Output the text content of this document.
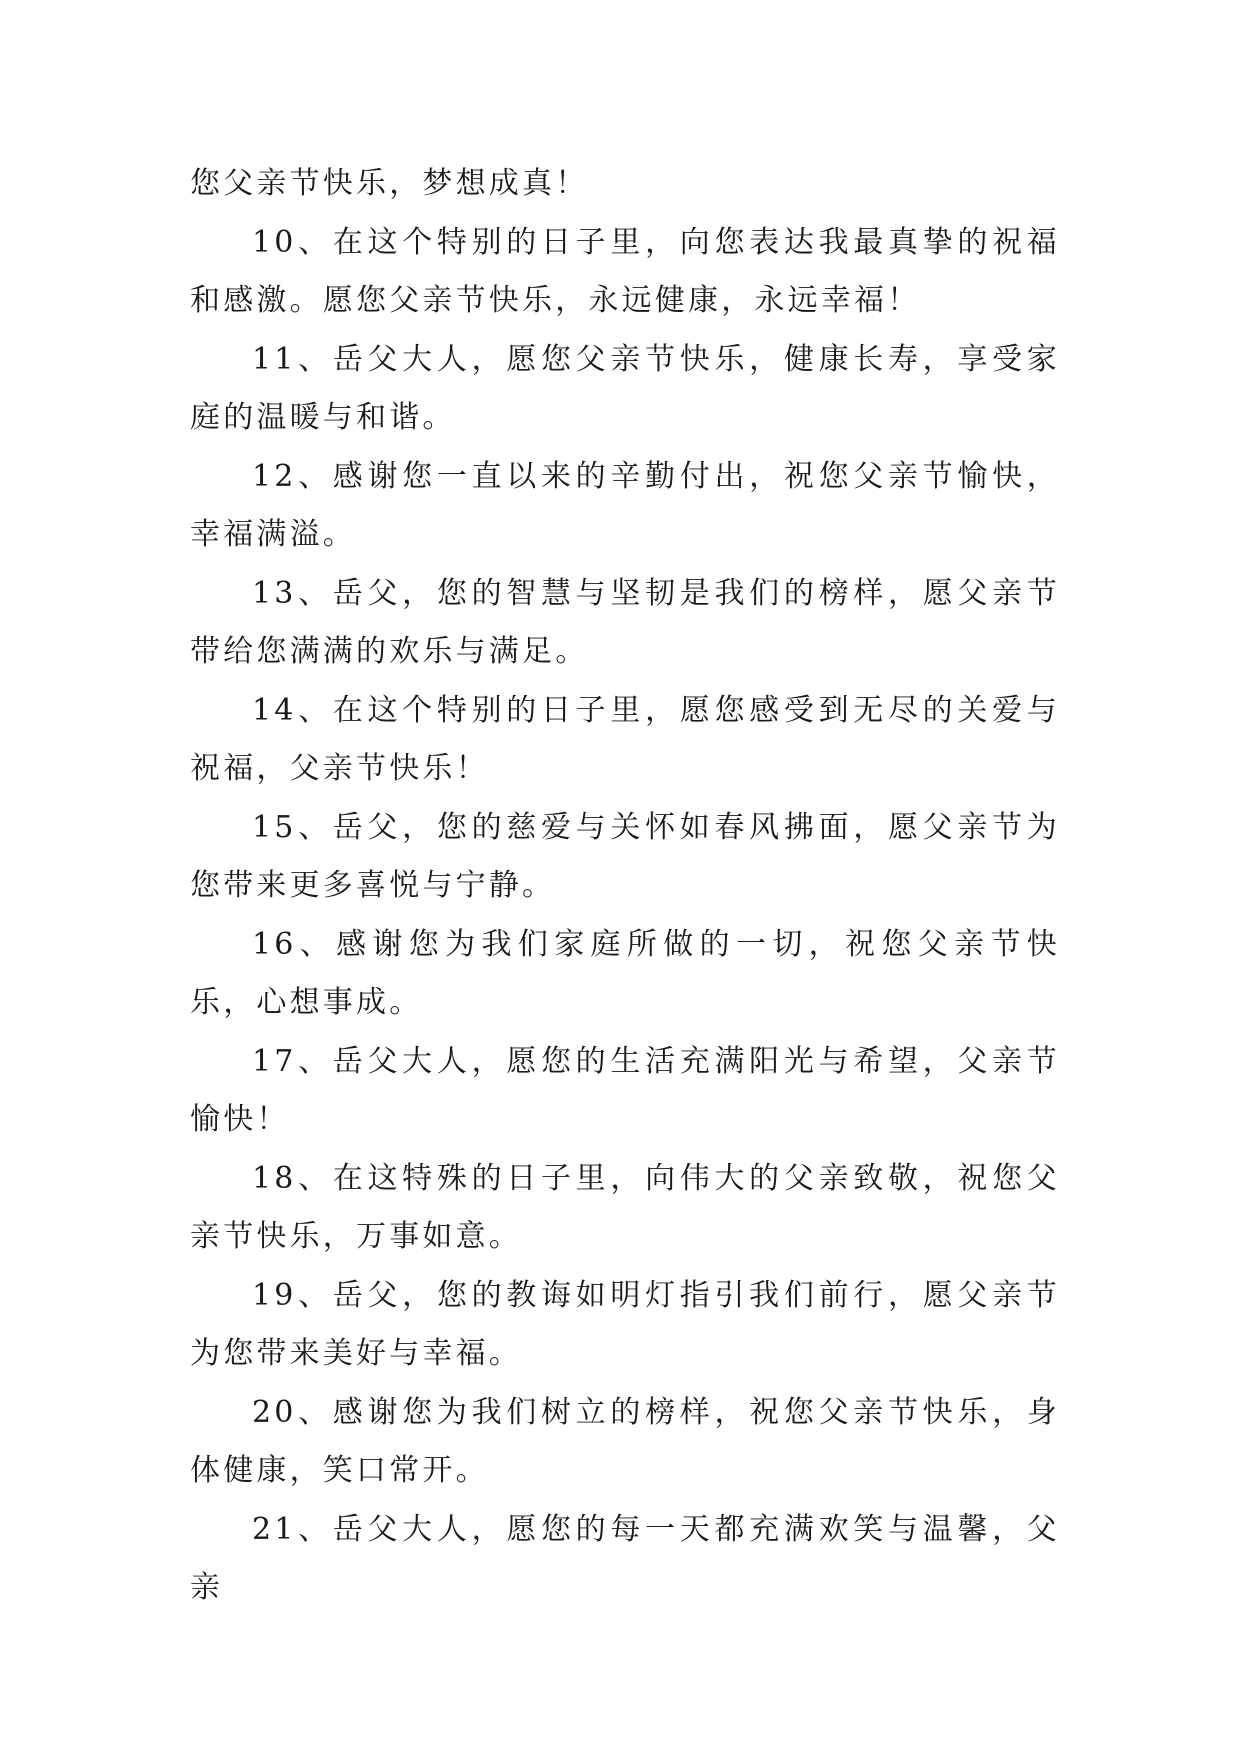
您父亲节快乐，梦想成真！

10、在这个特别的日子里，向您表达我最真挚的祝福和感激。愿您父亲节快乐，永远健康，永远幸福！

11、岳父大人，愿您父亲节快乐，健康长寿，享受家庭的温暖与和谐。

12、感谢您一直以来的辛勤付出，祝您父亲节愉快，幸福满溢。

13、岳父，您的智慧与坚韧是我们的榜样，愿父亲节带给您满满的欢乐与满足。

14、在这个特别的日子里，愿您感受到无尽的关爱与祝福，父亲节快乐！

15、岳父，您的慈爱与关怀如春风拂面，愿父亲节为您带来更多喜悦与宁静。

16、感谢您为我们家庭所做的一切，祝您父亲节快乐，心想事成。

17、岳父大人，愿您的生活充满阳光与希望，父亲节愉快！

18、在这特殊的日子里，向伟大的父亲致敬，祝您父亲节快乐，万事如意。

19、岳父，您的教诲如明灯指引我们前行，愿父亲节为您带来美好与幸福。

20、感谢您为我们树立的榜样，祝您父亲节快乐，身体健康，笑口常开。

21、岳父大人，愿您的每一天都充满欢笑与温馨，父亲
